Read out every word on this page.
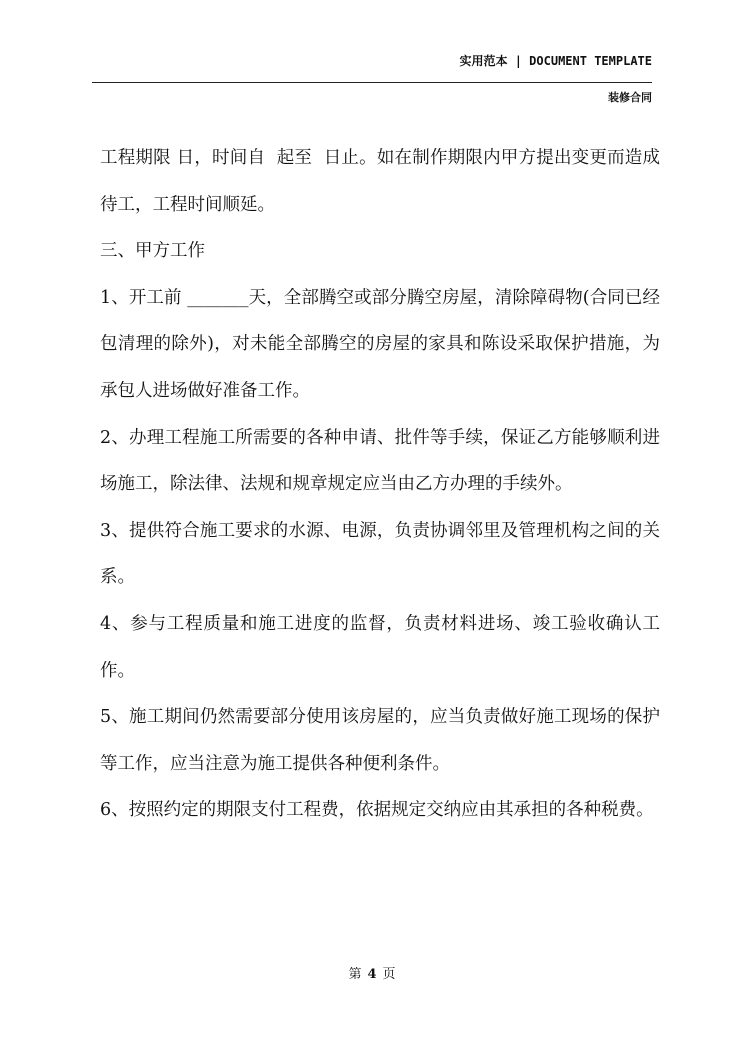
实用范本 | DOCUMENT TEMPLATE
装修合同

工程期限 日，时间自  起至  日止。如在制作期限内甲方提出变更而造成待工，工程时间顺延。

三、甲方工作

1、开工前 _______天，全部腾空或部分腾空房屋，清除障碍物(合同已经包清理的除外)，对未能全部腾空的房屋的家具和陈设采取保护措施，为承包人进场做好准备工作。

2、办理工程施工所需要的各种申请、批件等手续，保证乙方能够顺利进场施工，除法律、法规和规章规定应当由乙方办理的手续外。

3、提供符合施工要求的水源、电源，负责协调邻里及管理机构之间的关系。

4、参与工程质量和施工进度的监督，负责材料进场、竣工验收确认工作。

5、施工期间仍然需要部分使用该房屋的，应当负责做好施工现场的保护等工作，应当注意为施工提供各种便利条件。

6、按照约定的期限支付工程费，依据规定交纳应由其承担的各种税费。

第 4 页
